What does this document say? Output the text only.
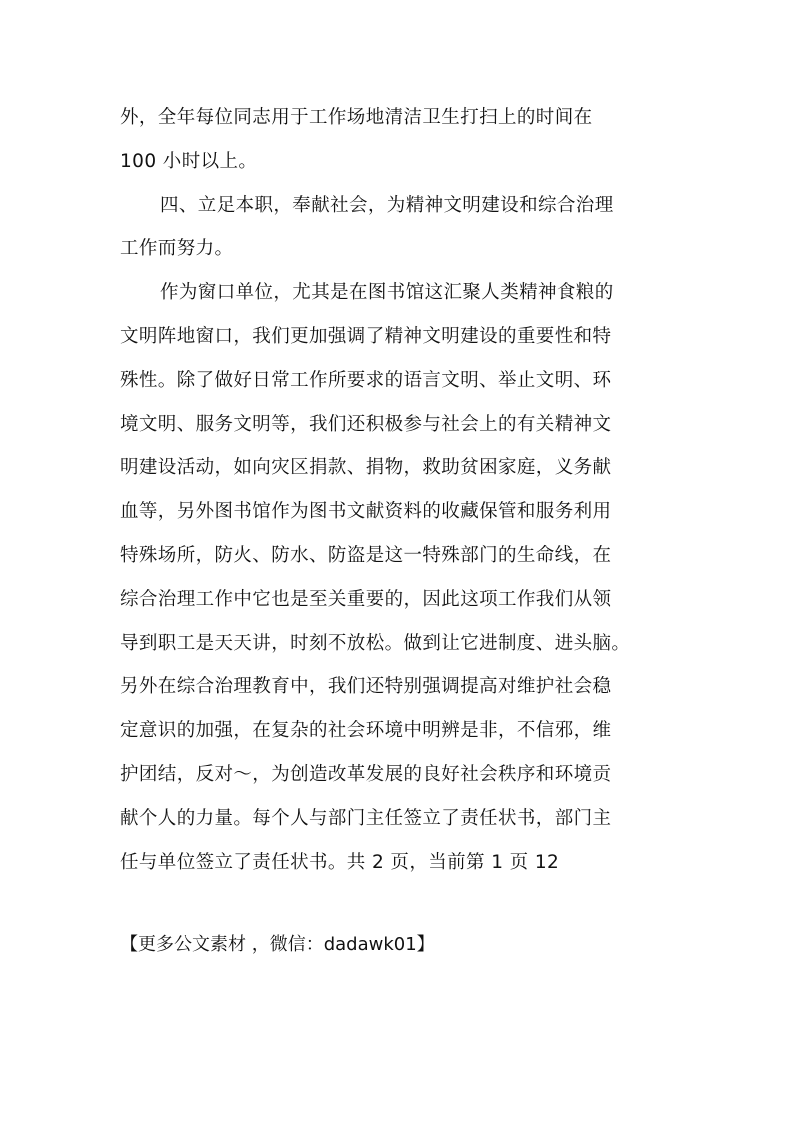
外，全年每位同志用于工作场地清洁卫生打扫上的时间在
100 小时以上。
四、立足本职，奉献社会，为精神文明建设和综合治理
工作而努力。
作为窗口单位，尤其是在图书馆这汇聚人类精神食粮的
文明阵地窗口，我们更加强调了精神文明建设的重要性和特
殊性。除了做好日常工作所要求的语言文明、举止文明、环
境文明、服务文明等，我们还积极参与社会上的有关精神文
明建设活动，如向灾区捐款、捐物，救助贫困家庭，义务献
血等，另外图书馆作为图书文献资料的收藏保管和服务利用
特殊场所，防火、防水、防盗是这一特殊部门的生命线，在
综合治理工作中它也是至关重要的，因此这项工作我们从领
导到职工是天天讲，时刻不放松。做到让它进制度、进头脑。
另外在综合治理教育中，我们还特别强调提高对维护社会稳
定意识的加强，在复杂的社会环境中明辨是非，不信邪，维
护团结，反对～，为创造改革发展的良好社会秩序和环境贡
献个人的力量。每个人与部门主任签立了责任状书，部门主
任与单位签立了责任状书。共 2 页，当前第 1 页 12
【更多公文素材 ，微信：dadawk01】
